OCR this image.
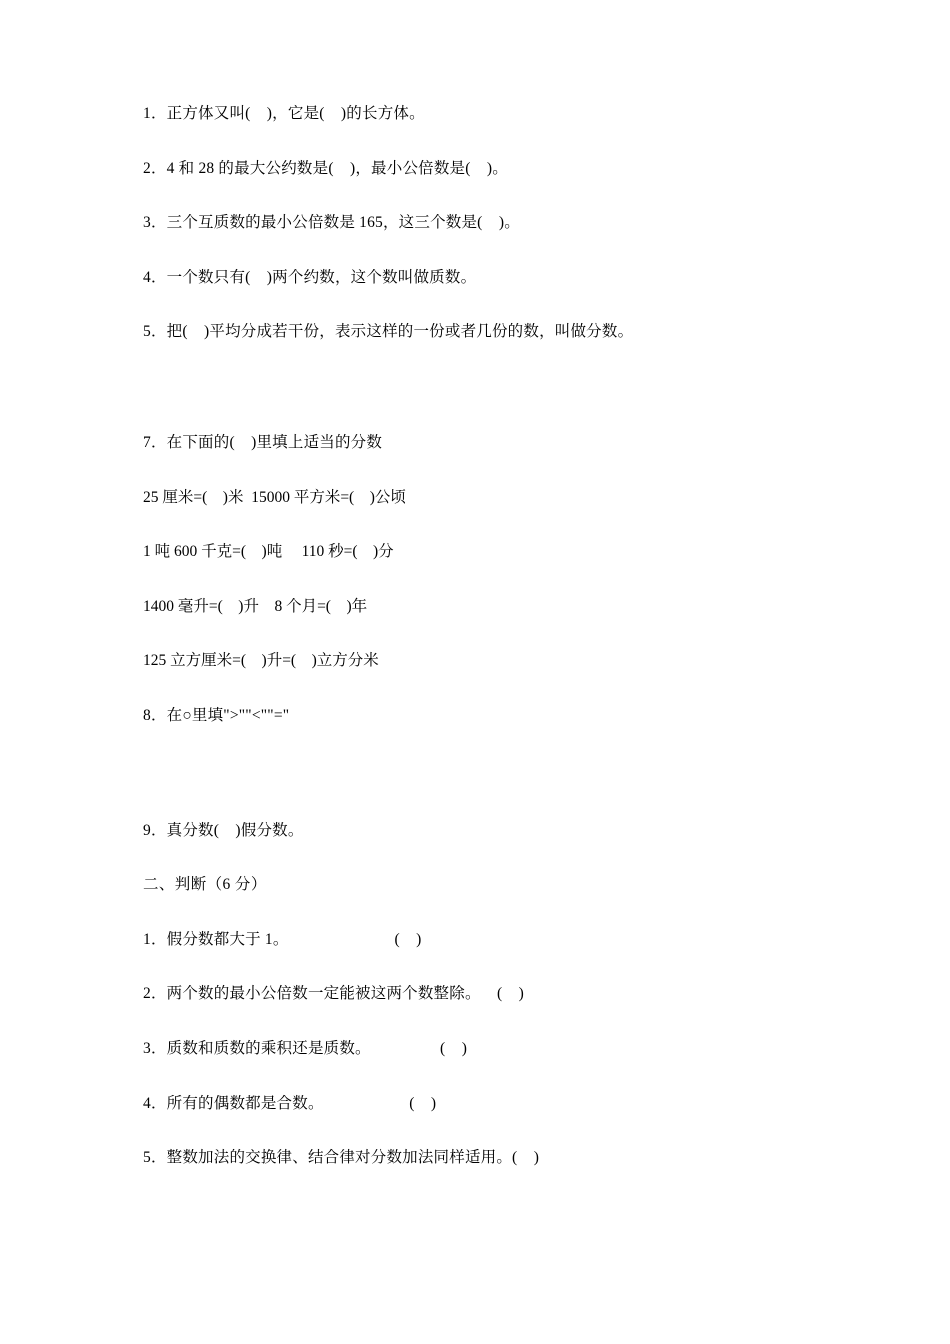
1．正方体又叫(    )，它是(    )的长方体。

2．4 和 28 的最大公约数是(    )，最小公倍数是(    )。

3．三个互质数的最小公倍数是 165，这三个数是(    )。

4．一个数只有(    )两个约数，这个数叫做质数。

5．把(    )平均分成若干份，表示这样的一份或者几份的数，叫做分数。

7．在下面的(    )里填上适当的分数

25 厘米=(    )米  15000 平方米=(    )公顷

1 吨 600 千克=(    )吨     110 秒=(    )分

1400 毫升=(    )升    8 个月=(    )年

125 立方厘米=(    )升=(    )立方分米

8．在○里填">""<""="

9．真分数(    )假分数。

二、判断（6 分）

1．假分数都大于 1。                          (    )

2．两个数的最小公倍数一定能被这两个数整除。    (    )

3．质数和质数的乘积还是质数。                 (    )

4．所有的偶数都是合数。                     (    )

5．整数加法的交换律、结合律对分数加法同样适用。(    )
